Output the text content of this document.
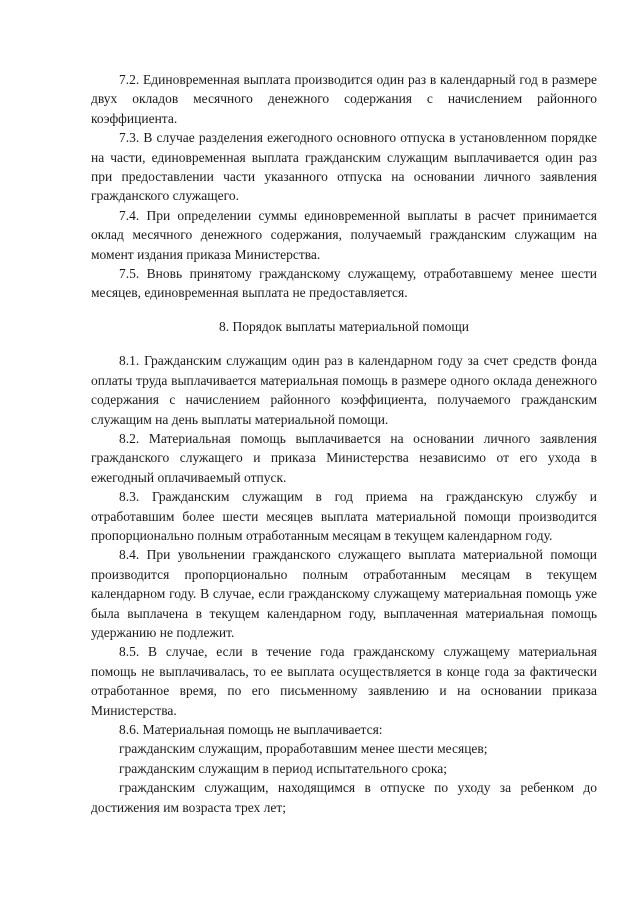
7.2. Единовременная выплата производится один раз в календарный год в размере двух окладов месячного денежного содержания с начислением районного коэффициента.

7.3. В случае разделения ежегодного основного отпуска в установленном порядке на части, единовременная выплата гражданским служащим выплачивается один раз при предоставлении части указанного отпуска на основании личного заявления гражданского служащего.

7.4. При определении суммы единовременной выплаты в расчет принимается оклад месячного денежного содержания, получаемый гражданским служащим на момент издания приказа Министерства.

7.5. Вновь принятому гражданскому служащему, отработавшему менее шести месяцев, единовременная выплата не предоставляется.

8. Порядок выплаты материальной помощи

8.1. Гражданским служащим один раз в календарном году за счет средств фонда оплаты труда выплачивается материальная помощь в размере одного оклада денежного содержания с начислением районного коэффициента, получаемого гражданским служащим на день выплаты материальной помощи.

8.2. Материальная помощь выплачивается на основании личного заявления гражданского служащего и приказа Министерства независимо от его ухода в ежегодный оплачиваемый отпуск.

8.3. Гражданским служащим в год приема на гражданскую службу и отработавшим более шести месяцев выплата материальной помощи производится пропорционально полным отработанным месяцам в текущем календарном году.

8.4. При увольнении гражданского служащего выплата материальной помощи производится пропорционально полным отработанным месяцам в текущем календарном году. В случае, если гражданскому служащему материальная помощь уже была выплачена в текущем календарном году, выплаченная материальная помощь удержанию не подлежит.

8.5. В случае, если в течение года гражданскому служащему материальная помощь не выплачивалась, то ее выплата осуществляется в конце года за фактически отработанное время, по его письменному заявлению и на основании приказа Министерства.

8.6. Материальная помощь не выплачивается:

гражданским служащим, проработавшим менее шести месяцев;

гражданским служащим в период испытательного срока;

гражданским служащим, находящимся в отпуске по уходу за ребенком до достижения им возраста трех лет;
